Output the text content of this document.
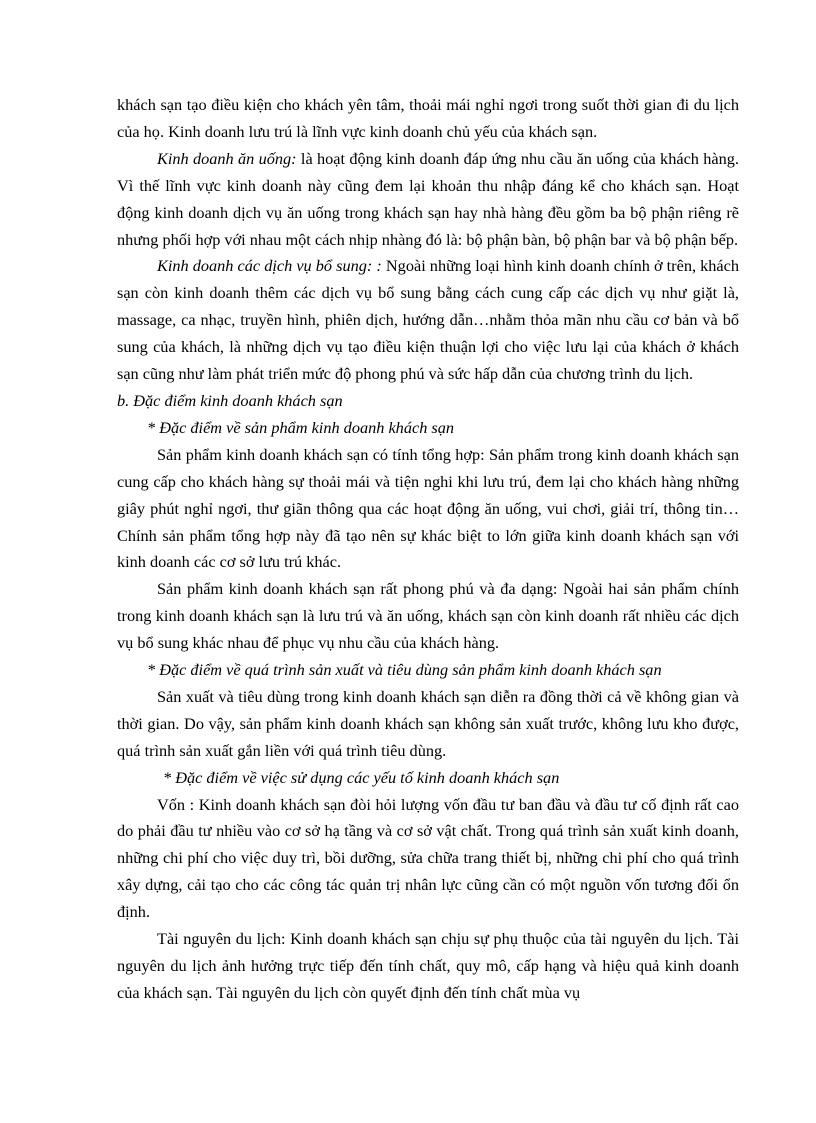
khách sạn tạo điều kiện cho khách yên tâm, thoải mái nghỉ ngơi trong suốt thời gian đi du lịch của họ. Kinh doanh lưu trú là lĩnh vực kinh doanh chủ yếu của khách sạn.

Kinh doanh ăn uống: là hoạt động kinh doanh đáp ứng nhu cầu ăn uống của khách hàng. Vì thế lĩnh vực kinh doanh này cũng đem lại khoản thu nhập đáng kể cho khách sạn. Hoạt động kinh doanh dịch vụ ăn uống trong khách sạn hay nhà hàng đều gồm ba bộ phận riêng rẽ nhưng phối hợp với nhau một cách nhịp nhàng đó là: bộ phận bàn, bộ phận bar và bộ phận bếp.

Kinh doanh các dịch vụ bổ sung: : Ngoài những loại hình kinh doanh chính ở trên, khách sạn còn kinh doanh thêm các dịch vụ bổ sung bằng cách cung cấp các dịch vụ như giặt là, massage, ca nhạc, truyền hình, phiên dịch, hướng dẫn…nhằm thỏa mãn nhu cầu cơ bản và bổ sung của khách, là những dịch vụ tạo điều kiện thuận lợi cho việc lưu lại của khách ở khách sạn cũng như làm phát triển mức độ phong phú và sức hấp dẫn của chương trình du lịch.

b. Đặc điểm kinh doanh khách sạn

* Đặc điểm về sản phẩm kinh doanh khách sạn

Sản phẩm kinh doanh khách sạn có tính tổng hợp: Sản phẩm trong kinh doanh khách sạn cung cấp cho khách hàng sự thoải mái và tiện nghi khi lưu trú, đem lại cho khách hàng những giây phút nghỉ ngơi, thư giãn thông qua các hoạt động ăn uống, vui chơi, giải trí, thông tin…Chính sản phẩm tổng hợp này đã tạo nên sự khác biệt to lớn giữa kinh doanh khách sạn với kinh doanh các cơ sở lưu trú khác.

Sản phẩm kinh doanh khách sạn rất phong phú và đa dạng: Ngoài hai sản phẩm chính trong kinh doanh khách sạn là lưu trú và ăn uống, khách sạn còn kinh doanh rất nhiều các dịch vụ bổ sung khác nhau để phục vụ nhu cầu của khách hàng.

* Đặc điểm về quá trình sản xuất và tiêu dùng sản phẩm kinh doanh khách sạn

Sản xuất và tiêu dùng trong kinh doanh khách sạn diễn ra đồng thời cả về không gian và thời gian. Do vậy, sản phẩm kinh doanh khách sạn không sản xuất trước, không lưu kho được, quá trình sản xuất gắn liền với quá trình tiêu dùng.

* Đặc điểm về việc sử dụng các yếu tố kinh doanh khách sạn

Vốn : Kinh doanh khách sạn đòi hỏi lượng vốn đầu tư ban đầu và đầu tư cố định rất cao do phải đầu tư nhiều vào cơ sở hạ tầng và cơ sở vật chất. Trong quá trình sản xuất kinh doanh, những chi phí cho việc duy trì, bồi dưỡng, sửa chữa trang thiết bị, những chi phí cho quá trình xây dựng, cải tạo cho các công tác quản trị nhân lực cũng cần có một nguồn vốn tương đối ổn định.

Tài nguyên du lịch: Kinh doanh khách sạn chịu sự phụ thuộc của tài nguyên du lịch. Tài nguyên du lịch ảnh hưởng trực tiếp đến tính chất, quy mô, cấp hạng và hiệu quả kinh doanh của khách sạn. Tài nguyên du lịch còn quyết định đến tính chất mùa vụ
